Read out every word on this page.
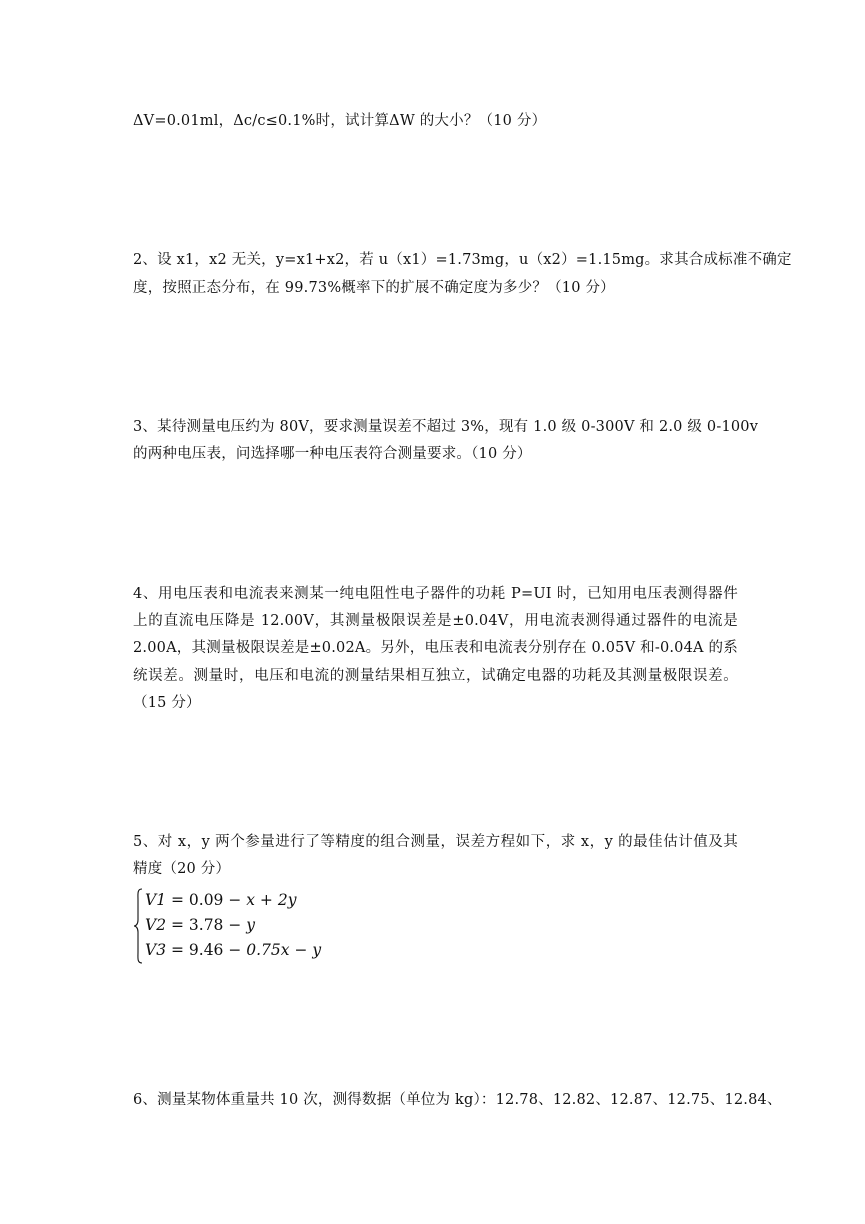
ΔV=0.01ml，Δc/c≤0.1%时，试计算ΔW 的大小？（10 分）
2、设 x1，x2 无关，y=x1+x2，若 u（x1）=1.73mg，u（x2）=1.15mg。求其合成标准不确定
度，按照正态分布，在 99.73%概率下的扩展不确定度为多少？（10 分）
3、某待测量电压约为 80V，要求测量误差不超过 3%，现有 1.0 级 0-300V 和 2.0 级 0-100v
的两种电压表，问选择哪一种电压表符合测量要求。（10 分）
4、用电压表和电流表来测某一纯电阻性电子器件的功耗 P=UI 时，已知用电压表测得器件
上的直流电压降是 12.00V，其测量极限误差是±0.04V，用电流表测得通过器件的电流是
2.00A，其测量极限误差是±0.02A。另外，电压表和电流表分别存在 0.05V 和-0.04A 的系
统误差。测量时，电压和电流的测量结果相互独立，试确定电器的功耗及其测量极限误差。
（15 分）
5、对 x，y 两个参量进行了等精度的组合测量，误差方程如下，求 x，y 的最佳估计值及其
精度（20 分）
V1 = 0.09 − x + 2y
V2 = 3.78 − y
V3 = 9.46 − 0.75x − y
6、测量某物体重量共 10 次，测得数据（单位为 kg）：12.78、12.82、12.87、12.75、12.84、
